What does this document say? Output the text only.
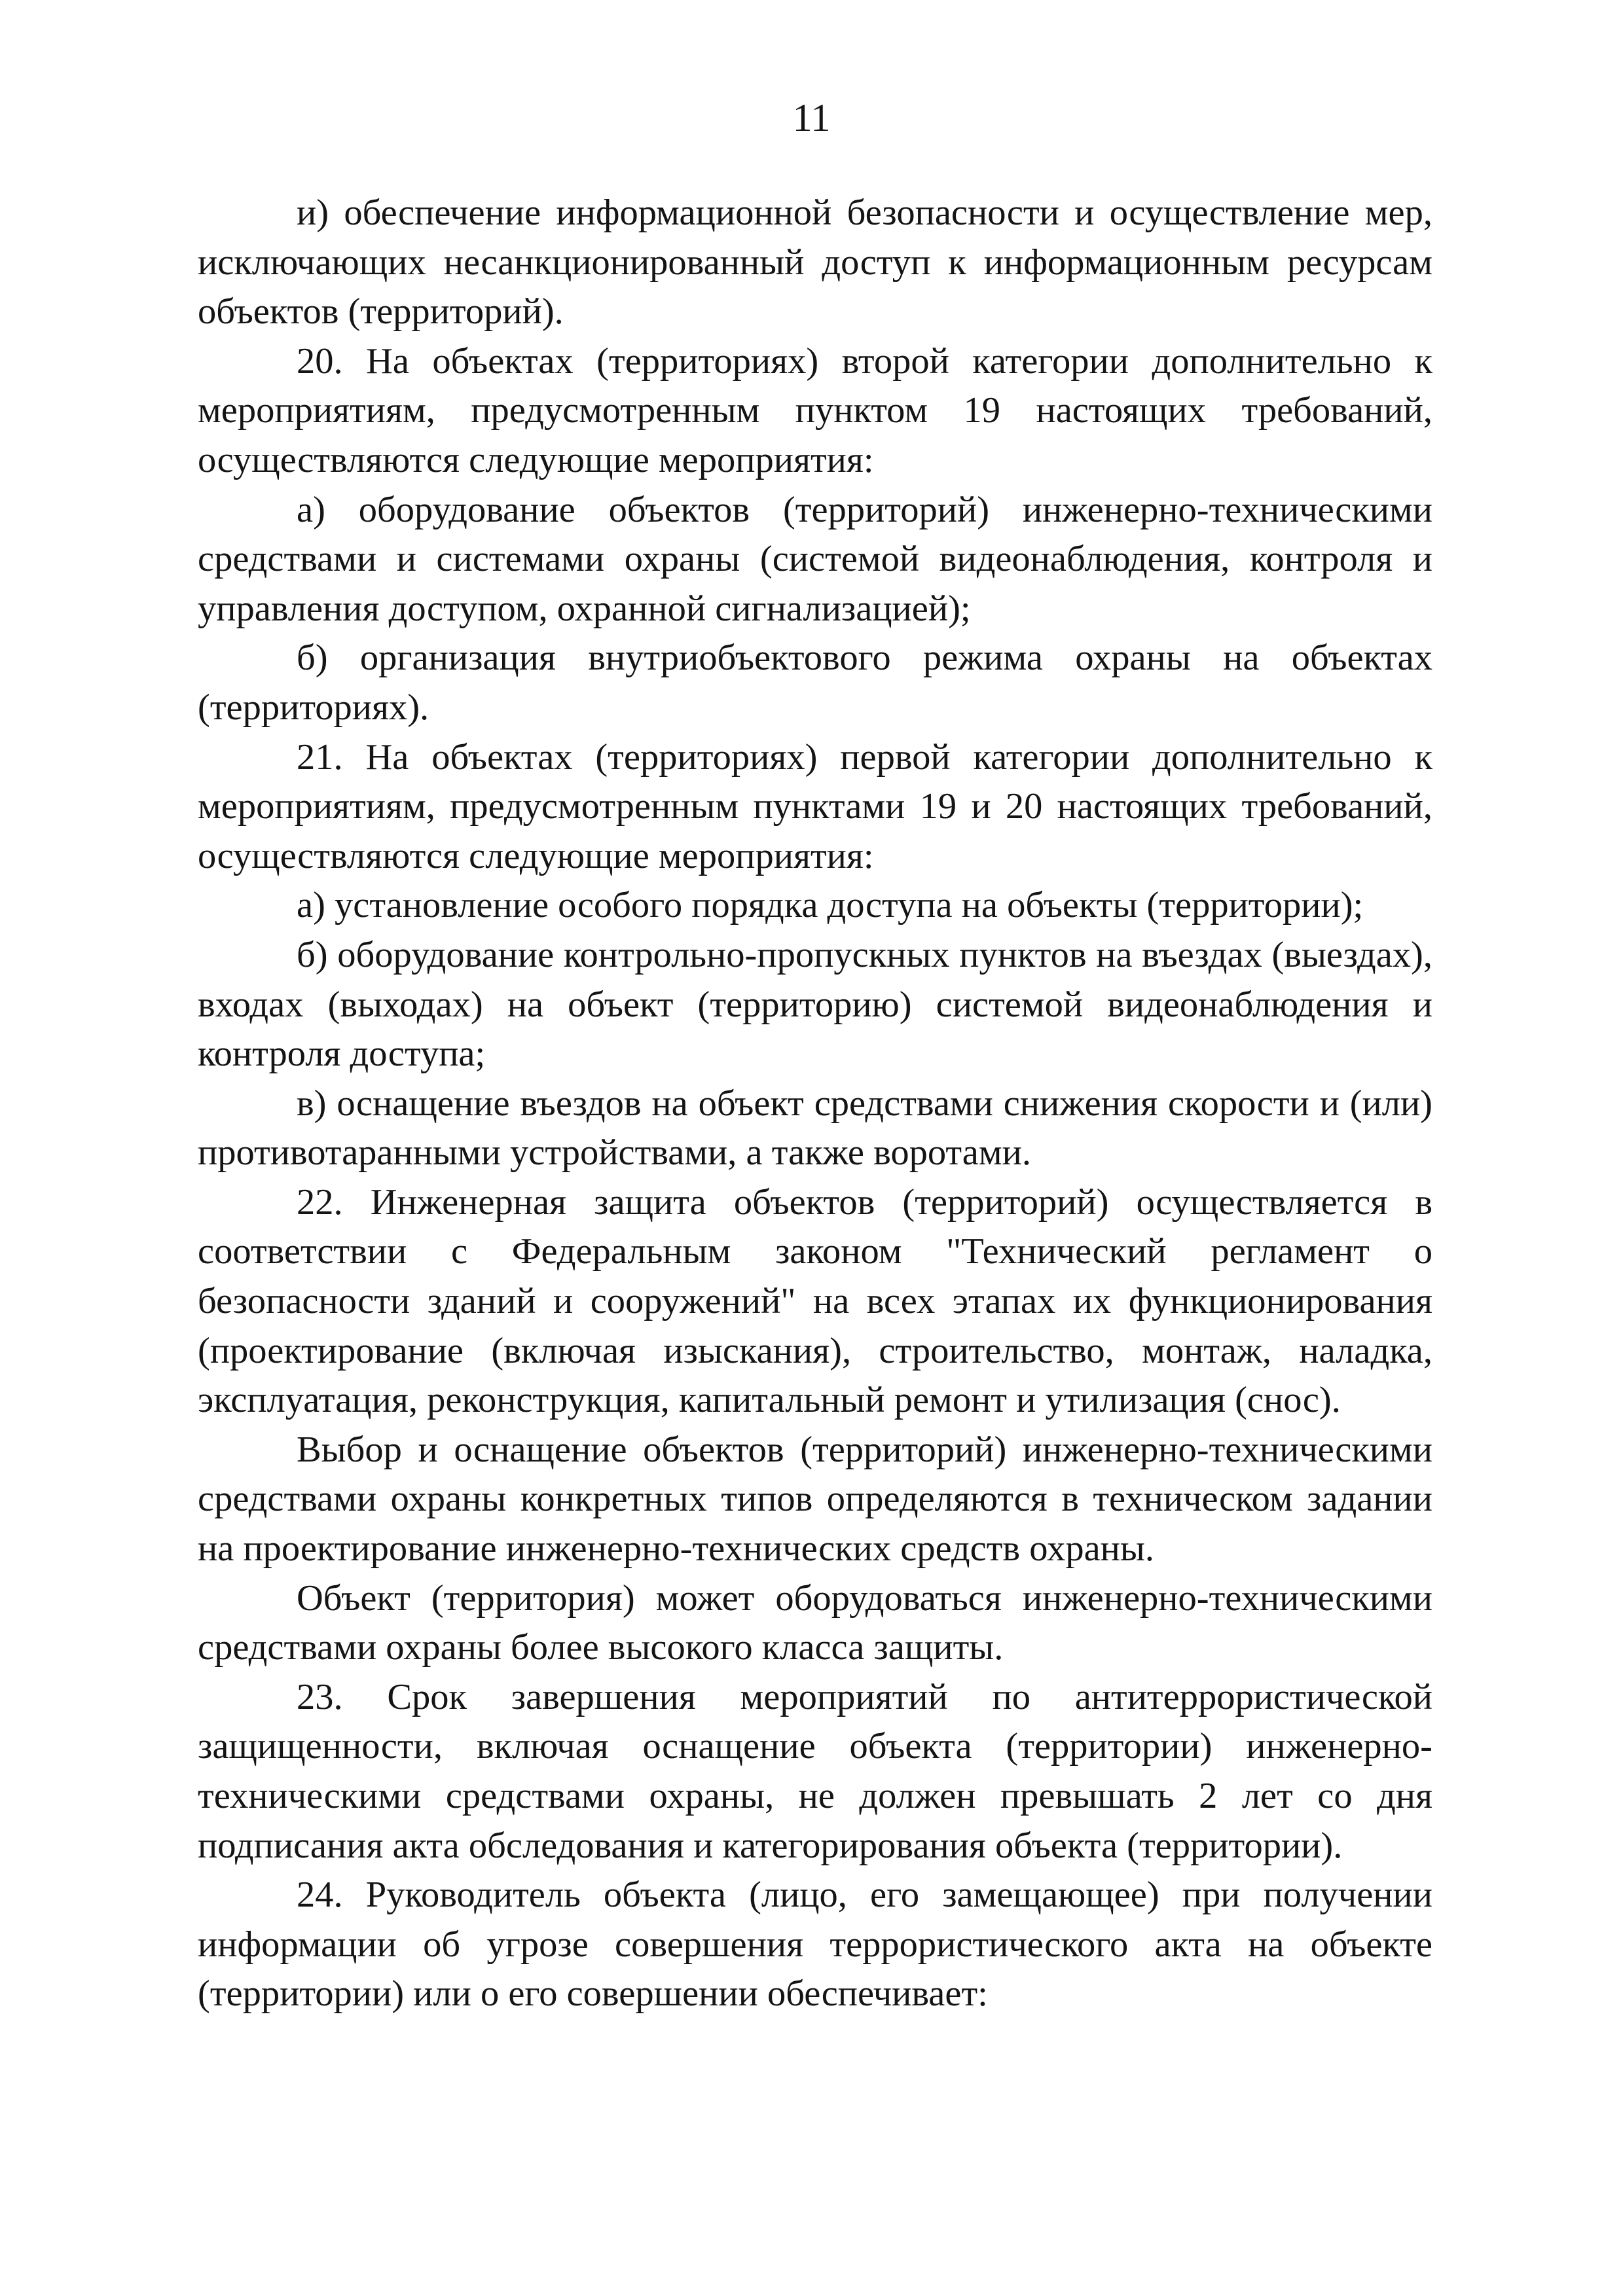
11

и) обеспечение информационной безопасности и осуществление мер, исключающих несанкционированный доступ к информационным ресурсам объектов (территорий).

20. На объектах (территориях) второй категории дополнительно к мероприятиям, предусмотренным пунктом 19 настоящих требований, осуществляются следующие мероприятия:

а) оборудование объектов (территорий) инженерно-техническими средствами и системами охраны (системой видеонаблюдения, контроля и управления доступом, охранной сигнализацией);

б) организация внутриобъектового режима охраны на объектах (территориях).

21. На объектах (территориях) первой категории дополнительно к мероприятиям, предусмотренным пунктами 19 и 20 настоящих требований, осуществляются следующие мероприятия:

а) установление особого порядка доступа на объекты (территории);

б) оборудование контрольно-пропускных пунктов на въездах (выездах), входах (выходах) на объект (территорию) системой видеонаблюдения и контроля доступа;

в) оснащение въездов на объект средствами снижения скорости и (или) противотаранными устройствами, а также воротами.

22. Инженерная защита объектов (территорий) осуществляется в соответствии с Федеральным законом "Технический регламент о безопасности зданий и сооружений" на всех этапах их функционирования (проектирование (включая изыскания), строительство, монтаж, наладка, эксплуатация, реконструкция, капитальный ремонт и утилизация (снос).

Выбор и оснащение объектов (территорий) инженерно-техническими средствами охраны конкретных типов определяются в техническом задании на проектирование инженерно-технических средств охраны.

Объект (территория) может оборудоваться инженерно-техническими средствами охраны более высокого класса защиты.

23. Срок завершения мероприятий по антитеррористической защищенности, включая оснащение объекта (территории) инженерно-техническими средствами охраны, не должен превышать 2 лет со дня подписания акта обследования и категорирования объекта (территории).

24. Руководитель объекта (лицо, его замещающее) при получении информации об угрозе совершения террористического акта на объекте (территории) или о его совершении обеспечивает:
